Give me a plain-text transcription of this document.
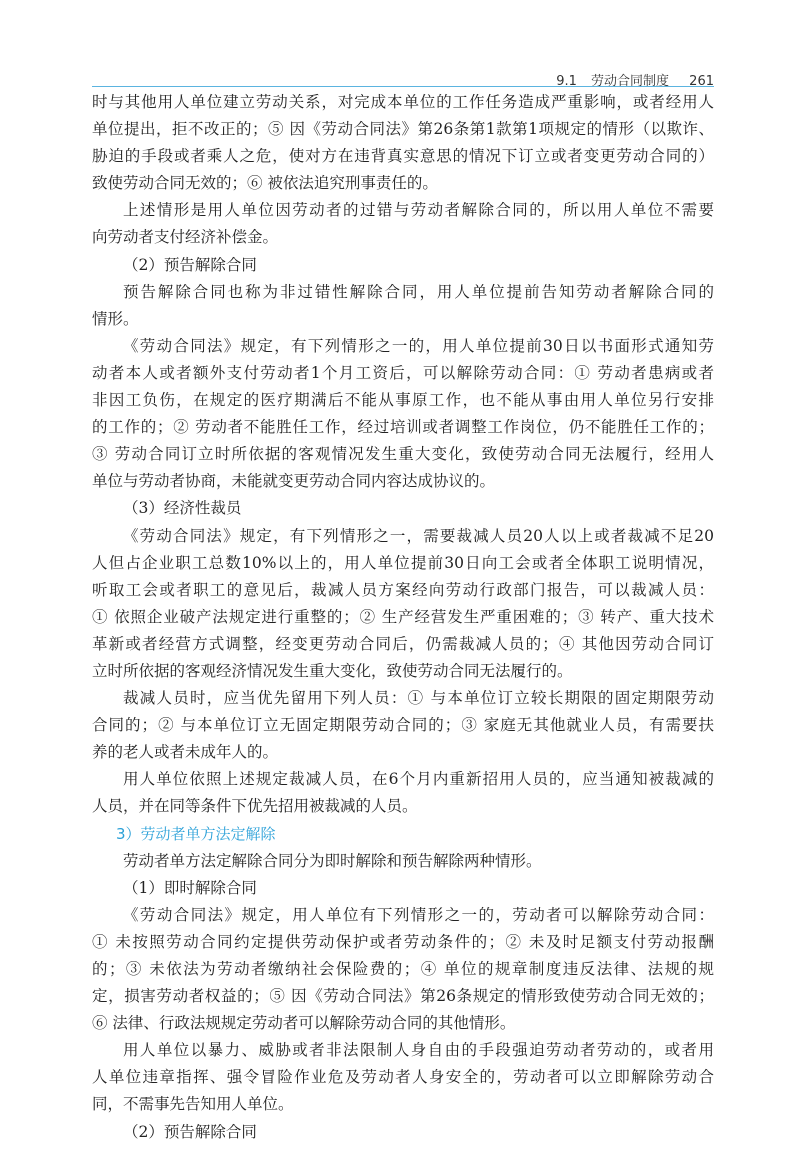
9.1 劳动合同制度 261
时与其他用人单位建立劳动关系，对完成本单位的工作任务造成严重影响，或者经用人
单位提出，拒不改正的；⑤ 因《劳动合同法》第26条第1款第1项规定的情形（以欺诈、
胁迫的手段或者乘人之危，使对方在违背真实意思的情况下订立或者变更劳动合同的）
致使劳动合同无效的；⑥ 被依法追究刑事责任的。
上述情形是用人单位因劳动者的过错与劳动者解除合同的，所以用人单位不需要
向劳动者支付经济补偿金。
（2）预告解除合同
预告解除合同也称为非过错性解除合同，用人单位提前告知劳动者解除合同的
情形。
《劳动合同法》规定，有下列情形之一的，用人单位提前30日以书面形式通知劳
动者本人或者额外支付劳动者1个月工资后，可以解除劳动合同：① 劳动者患病或者
非因工负伤，在规定的医疗期满后不能从事原工作，也不能从事由用人单位另行安排
的工作的；② 劳动者不能胜任工作，经过培训或者调整工作岗位，仍不能胜任工作的；
③ 劳动合同订立时所依据的客观情况发生重大变化，致使劳动合同无法履行，经用人
单位与劳动者协商，未能就变更劳动合同内容达成协议的。
（3）经济性裁员
《劳动合同法》规定，有下列情形之一，需要裁减人员20人以上或者裁减不足20
人但占企业职工总数10%以上的，用人单位提前30日向工会或者全体职工说明情况，
听取工会或者职工的意见后，裁减人员方案经向劳动行政部门报告，可以裁减人员：
① 依照企业破产法规定进行重整的；② 生产经营发生严重困难的；③ 转产、重大技术
革新或者经营方式调整，经变更劳动合同后，仍需裁减人员的；④ 其他因劳动合同订
立时所依据的客观经济情况发生重大变化，致使劳动合同无法履行的。
裁减人员时，应当优先留用下列人员：① 与本单位订立较长期限的固定期限劳动
合同的；② 与本单位订立无固定期限劳动合同的；③ 家庭无其他就业人员，有需要扶
养的老人或者未成年人的。
用人单位依照上述规定裁减人员，在6个月内重新招用人员的，应当通知被裁减的
人员，并在同等条件下优先招用被裁减的人员。
3）劳动者单方法定解除
劳动者单方法定解除合同分为即时解除和预告解除两种情形。
（1）即时解除合同
《劳动合同法》规定，用人单位有下列情形之一的，劳动者可以解除劳动合同：
① 未按照劳动合同约定提供劳动保护或者劳动条件的；② 未及时足额支付劳动报酬
的；③ 未依法为劳动者缴纳社会保险费的；④ 单位的规章制度违反法律、法规的规
定，损害劳动者权益的；⑤ 因《劳动合同法》第26条规定的情形致使劳动合同无效的；
⑥ 法律、行政法规规定劳动者可以解除劳动合同的其他情形。
用人单位以暴力、威胁或者非法限制人身自由的手段强迫劳动者劳动的，或者用
人单位违章指挥、强令冒险作业危及劳动者人身安全的，劳动者可以立即解除劳动合
同，不需事先告知用人单位。
（2）预告解除合同
